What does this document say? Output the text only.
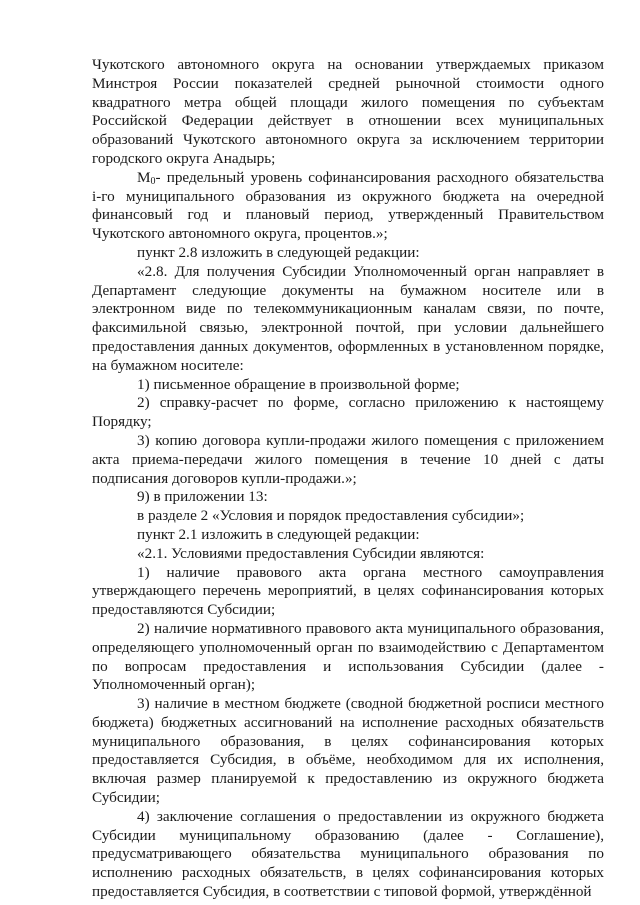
Чукотского автономного округа на основании утверждаемых приказом Минстроя России показателей средней рыночной стоимости одного квадратного метра общей площади жилого помещения по субъектам Российской Федерации действует в отношении всех муниципальных образований Чукотского автономного округа за исключением территории городского округа Анадырь;

$М_0-$ предельный уровень софинансирования расходного обязательства i-го муниципального образования из окружного бюджета на очередной финансовый год и плановый период, утвержденный Правительством Чукотского автономного округа, процентов.»;

пункт 2.8 изложить в следующей редакции:

«2.8. Для получения Субсидии Уполномоченный орган направляет в Департамент следующие документы на бумажном носителе или в электронном виде по телекоммуникационным каналам связи, по почте, факсимильной связью, электронной почтой, при условии дальнейшего предоставления данных документов, оформленных в установленном порядке, на бумажном носителе:

1) письменное обращение в произвольной форме;

2) справку-расчет по форме, согласно приложению к настоящему Порядку;

3) копию договора купли-продажи жилого помещения с приложением акта приема-передачи жилого помещения в течение 10 дней с даты подписания договоров купли-продажи.»;

9) в приложении 13:

в разделе 2 «Условия и порядок предоставления субсидии»;

пункт 2.1 изложить в следующей редакции:

«2.1. Условиями предоставления Субсидии являются:

1) наличие правового акта органа местного самоуправления утверждающего перечень мероприятий, в целях софинансирования которых предоставляются Субсидии;

2) наличие нормативного правового акта муниципального образования, определяющего уполномоченный орган по взаимодействию с Департаментом по вопросам предоставления и использования Субсидии (далее - Уполномоченный орган);

3) наличие в местном бюджете (сводной бюджетной росписи местного бюджета) бюджетных ассигнований на исполнение расходных обязательств муниципального образования, в целях софинансирования которых предоставляется Субсидия, в объёме, необходимом для их исполнения, включая размер планируемой к предоставлению из окружного бюджета Субсидии;

4) заключение соглашения о предоставлении из окружного бюджета Субсидии муниципальному образованию (далее - Соглашение), предусматривающего обязательства муниципального образования по исполнению расходных обязательств, в целях софинансирования которых предоставляется Субсидия, в соответствии с типовой формой, утверждённой
